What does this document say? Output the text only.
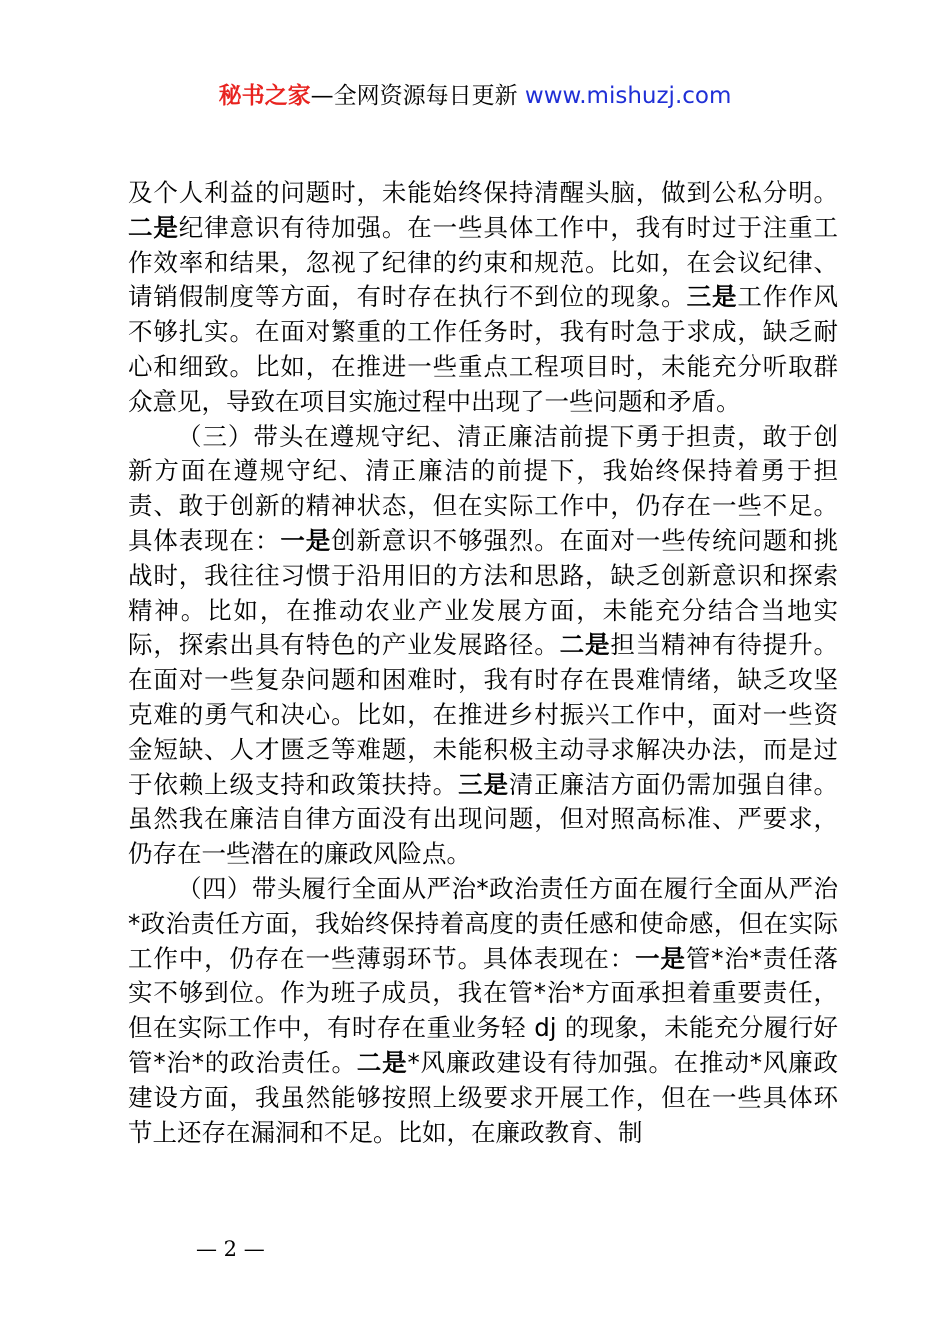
秘书之家—全网资源每日更新 www.mishuzj.com

及个人利益的问题时，未能始终保持清醒头脑，做到公私分明。二是纪律意识有待加强。在一些具体工作中，我有时过于注重工作效率和结果，忽视了纪律的约束和规范。比如，在会议纪律、请销假制度等方面，有时存在执行不到位的现象。三是工作作风不够扎实。在面对繁重的工作任务时，我有时急于求成，缺乏耐心和细致。比如，在推进一些重点工程项目时，未能充分听取群众意见，导致在项目实施过程中出现了一些问题和矛盾。

（三）带头在遵规守纪、清正廉洁前提下勇于担责，敢于创新方面在遵规守纪、清正廉洁的前提下，我始终保持着勇于担责、敢于创新的精神状态，但在实际工作中，仍存在一些不足。具体表现在：一是创新意识不够强烈。在面对一些传统问题和挑战时，我往往习惯于沿用旧的方法和思路，缺乏创新意识和探索精神。比如，在推动农业产业发展方面，未能充分结合当地实际，探索出具有特色的产业发展路径。二是担当精神有待提升。在面对一些复杂问题和困难时，我有时存在畏难情绪，缺乏攻坚克难的勇气和决心。比如，在推进乡村振兴工作中，面对一些资金短缺、人才匮乏等难题，未能积极主动寻求解决办法，而是过于依赖上级支持和政策扶持。三是清正廉洁方面仍需加强自律。虽然我在廉洁自律方面没有出现问题，但对照高标准、严要求，仍存在一些潜在的廉政风险点。

（四）带头履行全面从严治*政治责任方面在履行全面从严治*政治责任方面，我始终保持着高度的责任感和使命感，但在实际工作中，仍存在一些薄弱环节。具体表现在：一是管*治*责任落实不够到位。作为班子成员，我在管*治*方面承担着重要责任，但在实际工作中，有时存在重业务轻 dj 的现象，未能充分履行好管*治*的政治责任。二是*风廉政建设有待加强。在推动*风廉政建设方面，我虽然能够按照上级要求开展工作，但在一些具体环节上还存在漏洞和不足。比如，在廉政教育、制

— 2 —
